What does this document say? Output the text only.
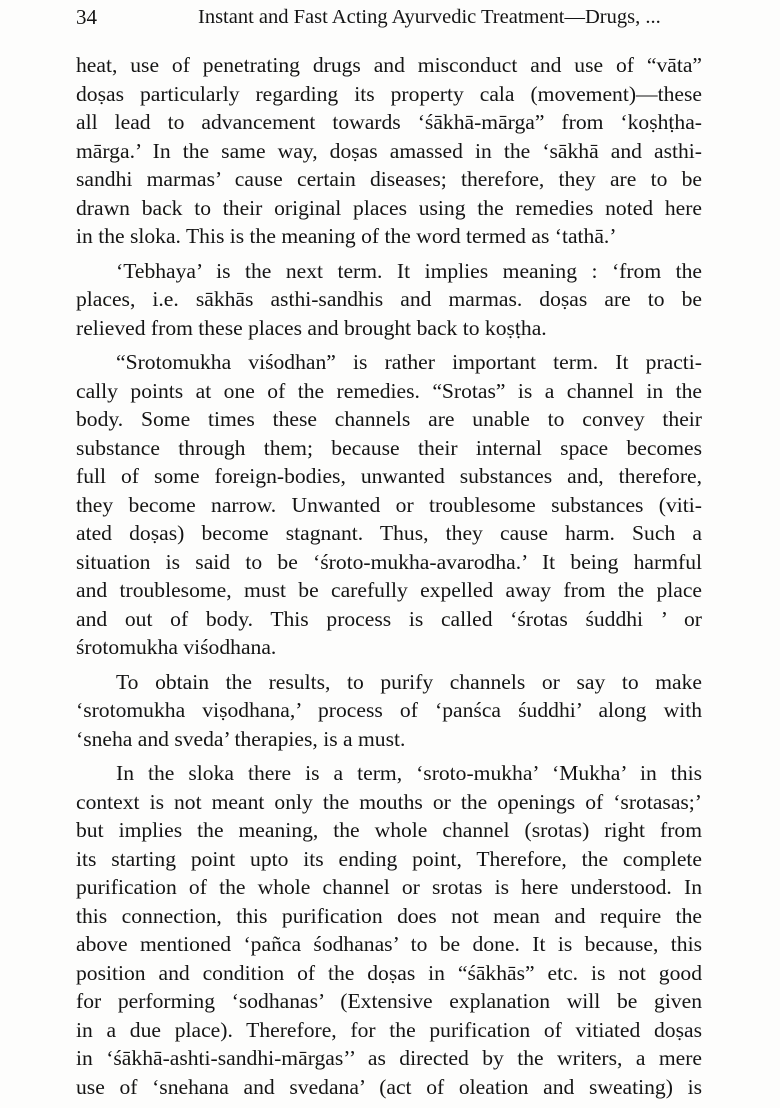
34	Instant and Fast Acting Ayurvedic Treatment—Drugs, ...

heat, use of penetrating drugs and misconduct and use of “vāta”
doṣas particularly regarding its property cala (movement)—these
all lead to advancement towards ‘śākhā-mārga” from ‘koṣhṭha-
mārga.’ In the same way, doṣas amassed in the ‘sākhā and asthi-
sandhi marmas’ cause certain diseases; therefore, they are to be
drawn back to their original places using the remedies noted here
in the sloka. This is the meaning of the word termed as ‘tathā.’

‘Tebhaya’ is the next term. It implies meaning : ‘from the
places, i.e. sākhās asthi-sandhis and marmas. doṣas are to be
relieved from these places and brought back to koṣṭha.

“Srotomukha viśodhan” is rather important term. It practi-
cally points at one of the remedies. “Srotas” is a channel in the
body. Some times these channels are unable to convey their
substance through them; because their internal space becomes
full of some foreign-bodies, unwanted substances and, therefore,
they become narrow. Unwanted or troublesome substances (viti-
ated doṣas) become stagnant. Thus, they cause harm. Such a
situation is said to be ‘śroto-mukha-avarodha.’ It being harmful
and troublesome, must be carefully expelled away from the place
and out of body. This process is called ‘śrotas śuddhi ’ or
śrotomukha viśodhana.

To obtain the results, to purify channels or say to make
‘srotomukha viṣodhana,’ process of ‘panśca śuddhi’ along with
‘sneha and sveda’ therapies, is a must.

In the sloka there is a term, ‘sroto-mukha’ ‘Mukha’ in this
context is not meant only the mouths or the openings of ‘srotasas;’
but implies the meaning, the whole channel (srotas) right from
its starting point upto its ending point, Therefore, the complete
purification of the whole channel or srotas is here understood. In
this connection, this purification does not mean and require the
above mentioned ‘pañca śodhanas’ to be done. It is because, this
position and condition of the doṣas in “śākhās” etc. is not good
for performing ‘sodhanas’ (Extensive explanation will be given
in a due place). Therefore, for the purification of vitiated doṣas
in ‘śākhā-ashti-sandhi-mārgas’’ as directed by the writers, a mere
use of ‘snehana and svedana’ (act of oleation and sweating) is
